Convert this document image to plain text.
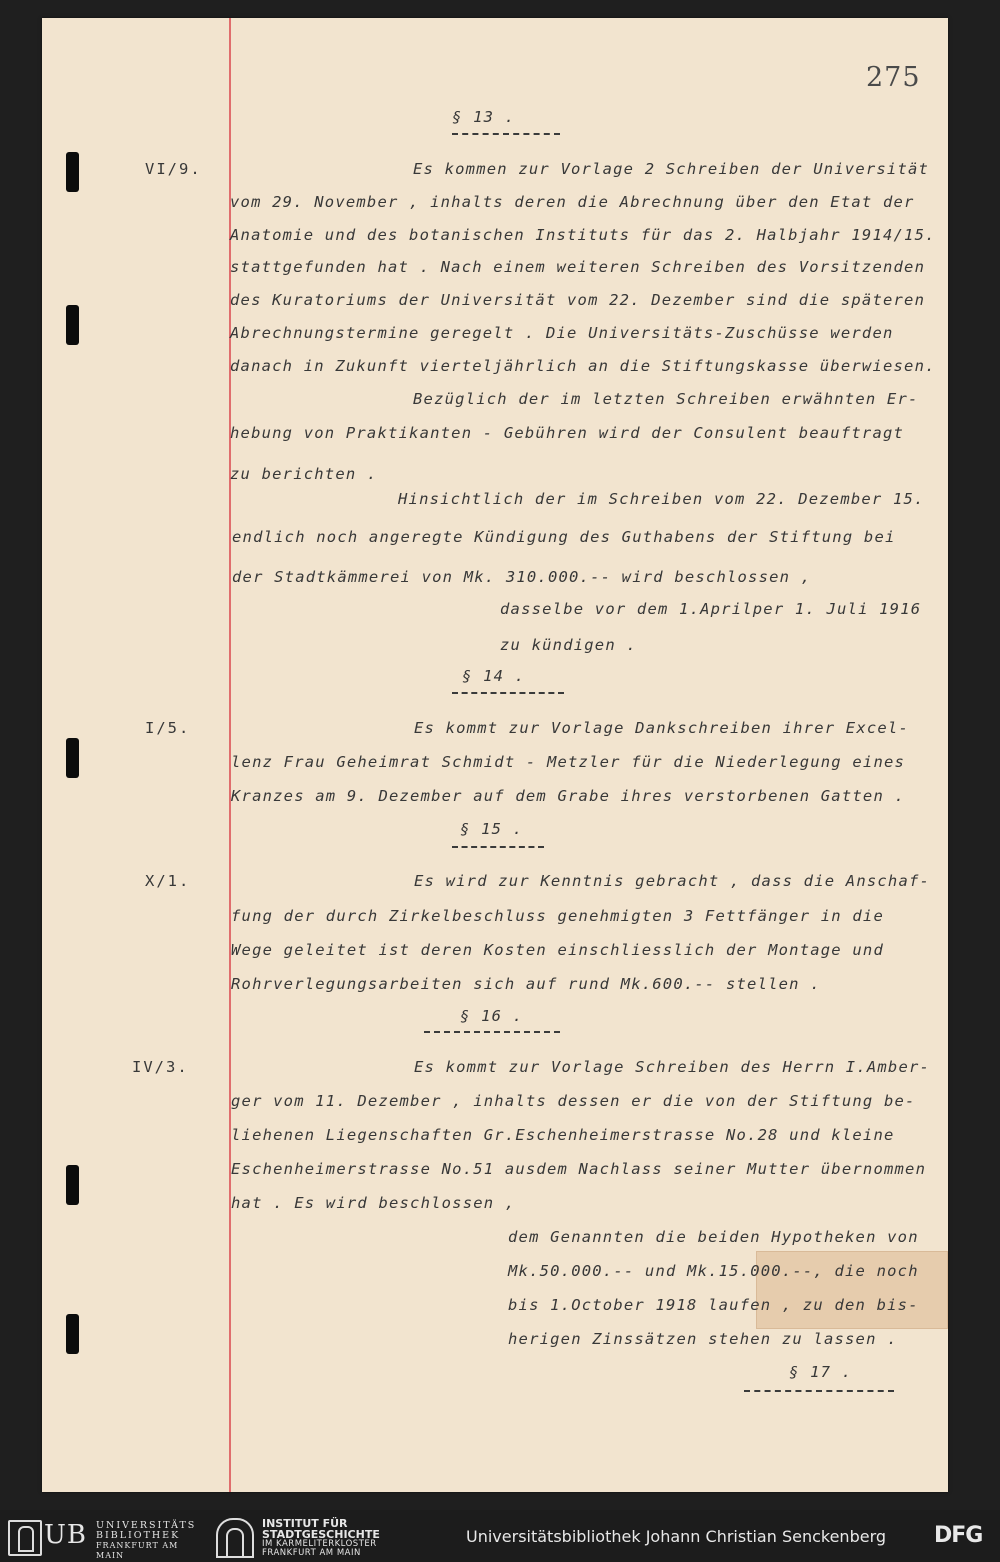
275
§ 13 .
VI/9.	Es kommen zur Vorlage 2 Schreiben der Universität
vom 29. November , inhalts deren die Abrechnung über den Etat der
Anatomie und des botanischen Instituts für das 2. Halbjahr 1914/15.
stattgefunden hat . Nach einem weiteren Schreiben des Vorsitzenden
des Kuratoriums der Universität vom 22. Dezember sind die späteren
Abrechnungstermine geregelt . Die Universitäts-Zuschüsse werden
danach in Zukunft vierteljährlich an die Stiftungskasse überwiesen.
Bezüglich der im letzten Schreiben erwähnten Er-
hebung von Praktikanten - Gebühren wird der Consulent beauftragt
zu berichten .
Hinsichtlich der im Schreiben vom 22. Dezember 15.
endlich noch angeregte Kündigung des Guthabens der Stiftung bei
der Stadtkämmerei von Mk. 310.000.-- wird beschlossen ,
dasselbe vor dem 1.Aprilper 1. Juli 1916
zu kündigen .
§ 14 .
I/5.	Es kommt zur Vorlage Dankschreiben ihrer Excel-
lenz Frau Geheimrat Schmidt - Metzler für die Niederlegung eines
Kranzes am 9. Dezember auf dem Grabe ihres verstorbenen Gatten .
§ 15 .
X/1.	Es wird zur Kenntnis gebracht , dass die Anschaf-
fung der durch Zirkelbeschluss genehmigten 3 Fettfänger in die
Wege geleitet ist deren Kosten einschliesslich der Montage und
Rohrverlegungsarbeiten sich auf rund Mk.600.-- stellen .
§ 16 .
IV/3.	Es kommt zur Vorlage Schreiben des Herrn I.Amber-
ger vom 11. Dezember , inhalts dessen er die von der Stiftung be-
liehenen Liegenschaften Gr.Eschenheimerstrasse No.28 und kleine
Eschenheimerstrasse No.51 ausdem Nachlass seiner Mutter übernommen
hat . Es wird beschlossen ,
dem Genannten die beiden Hypotheken von
Mk.50.000.-- und Mk.15.000.--, die noch
bis 1.October 1918 laufen , zu den bis-
herigen Zinssätzen stehen zu lassen .
§ 17 .
UB UNIVERSITÄTS
BIBLIOTHEK
FRANKFURT AM MAIN
INSTITUT FÜR
STADTGESCHICHTE
IM KARMELITERKLOSTER
FRANKFURT AM MAIN
Universitätsbibliothek Johann Christian Senckenberg DFG
